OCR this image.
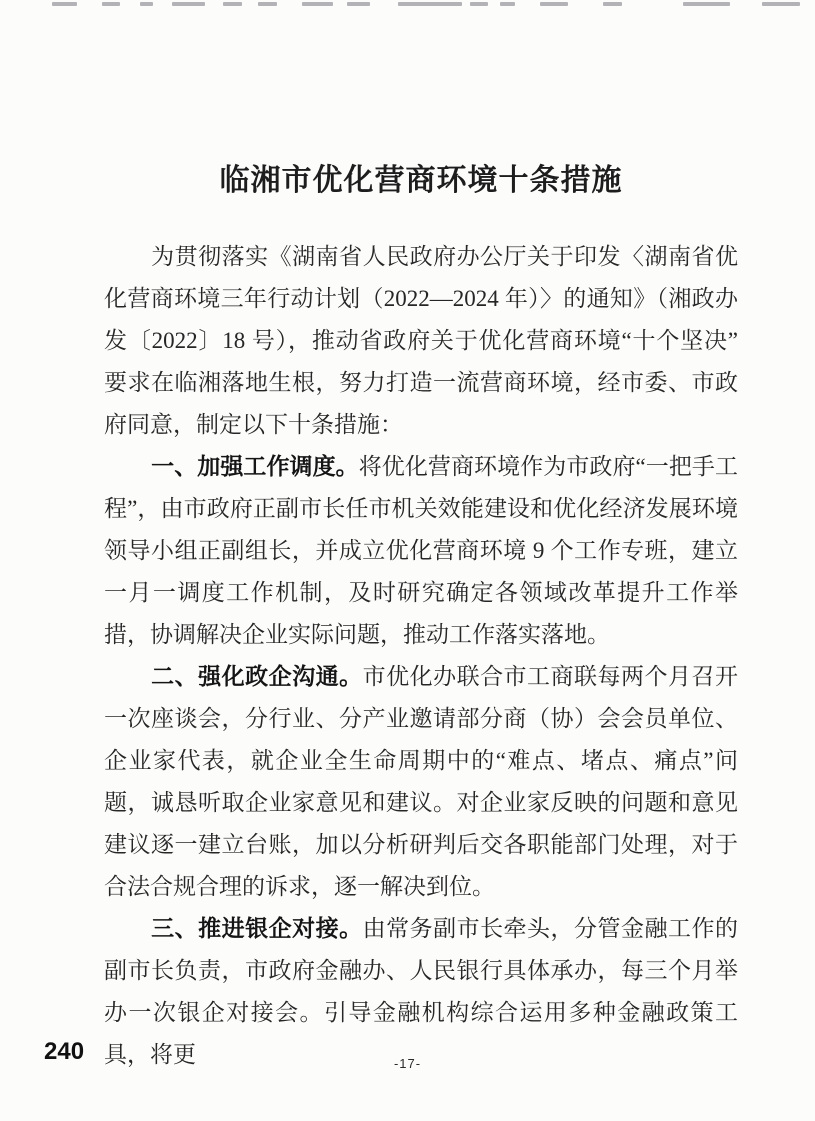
临湘市优化营商环境十条措施

为贯彻落实《湖南省人民政府办公厅关于印发〈湖南省优化营商环境三年行动计划（2022—2024 年）〉的通知》（湘政办发〔2022〕18 号），推动省政府关于优化营商环境“十个坚决”要求在临湘落地生根，努力打造一流营商环境，经市委、市政府同意，制定以下十条措施：

一、加强工作调度。将优化营商环境作为市政府“一把手工程”，由市政府正副市长任市机关效能建设和优化经济发展环境领导小组正副组长，并成立优化营商环境 9 个工作专班，建立一月一调度工作机制，及时研究确定各领域改革提升工作举措，协调解决企业实际问题，推动工作落实落地。

二、强化政企沟通。市优化办联合市工商联每两个月召开一次座谈会，分行业、分产业邀请部分商（协）会会员单位、企业家代表，就企业全生命周期中的“难点、堵点、痛点”问题，诚恳听取企业家意见和建议。对企业家反映的问题和意见建议逐一建立台账，加以分析研判后交各职能部门处理，对于合法合规合理的诉求，逐一解决到位。

三、推进银企对接。由常务副市长牵头，分管金融工作的副市长负责，市政府金融办、人民银行具体承办，每三个月举办一次银企对接会。引导金融机构综合运用多种金融政策工具，将更

240	-17-
